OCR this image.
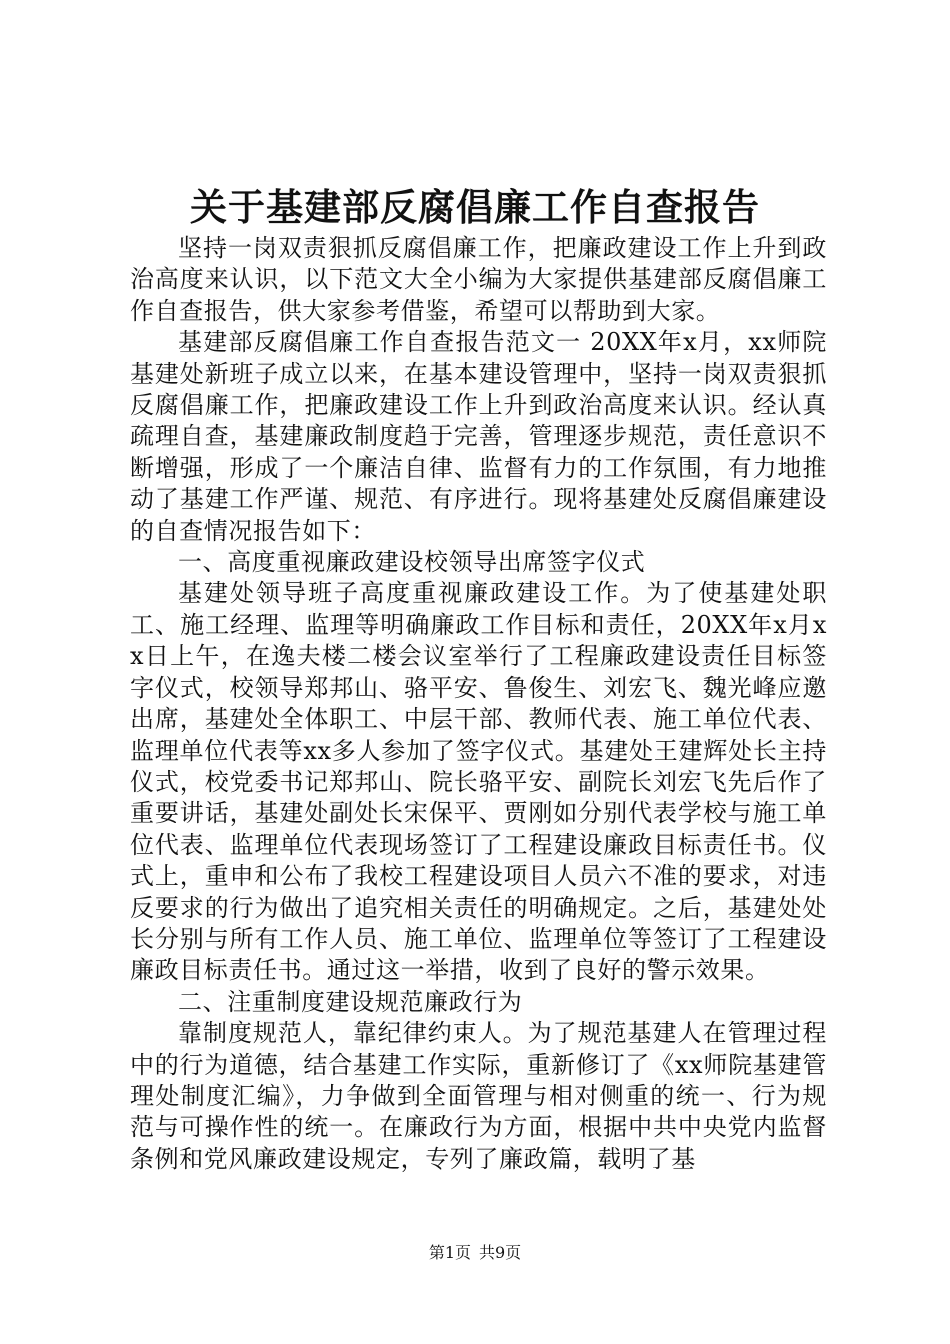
关于基建部反腐倡廉工作自查报告

坚持一岗双责狠抓反腐倡廉工作，把廉政建设工作上升到政治高度来认识，以下范文大全小编为大家提供基建部反腐倡廉工作自查报告，供大家参考借鉴，希望可以帮助到大家。

基建部反腐倡廉工作自查报告范文一 20XX年x月，xx师院基建处新班子成立以来，在基本建设管理中，坚持一岗双责狠抓反腐倡廉工作，把廉政建设工作上升到政治高度来认识。经认真疏理自查，基建廉政制度趋于完善，管理逐步规范，责任意识不断增强，形成了一个廉洁自律、监督有力的工作氛围，有力地推动了基建工作严谨、规范、有序进行。现将基建处反腐倡廉建设的自查情况报告如下：

一、高度重视廉政建设校领导出席签字仪式

基建处领导班子高度重视廉政建设工作。为了使基建处职工、施工经理、监理等明确廉政工作目标和责任，20XX年x月xx日上午，在逸夫楼二楼会议室举行了工程廉政建设责任目标签字仪式，校领导郑邦山、骆平安、鲁俊生、刘宏飞、魏光峰应邀出席，基建处全体职工、中层干部、教师代表、施工单位代表、监理单位代表等xx多人参加了签字仪式。基建处王建辉处长主持仪式，校党委书记郑邦山、院长骆平安、副院长刘宏飞先后作了重要讲话，基建处副处长宋保平、贾刚如分别代表学校与施工单位代表、监理单位代表现场签订了工程建设廉政目标责任书。仪式上，重申和公布了我校工程建设项目人员六不准的要求，对违反要求的行为做出了追究相关责任的明确规定。之后，基建处处长分别与所有工作人员、施工单位、监理单位等签订了工程建设廉政目标责任书。通过这一举措，收到了良好的警示效果。

二、注重制度建设规范廉政行为

靠制度规范人，靠纪律约束人。为了规范基建人在管理过程中的行为道德，结合基建工作实际，重新修订了《xx师院基建管理处制度汇编》，力争做到全面管理与相对侧重的统一、行为规范与可操作性的统一。在廉政行为方面，根据中共中央党内监督条例和党风廉政建设规定，专列了廉政篇，载明了基

第1页 共9页
